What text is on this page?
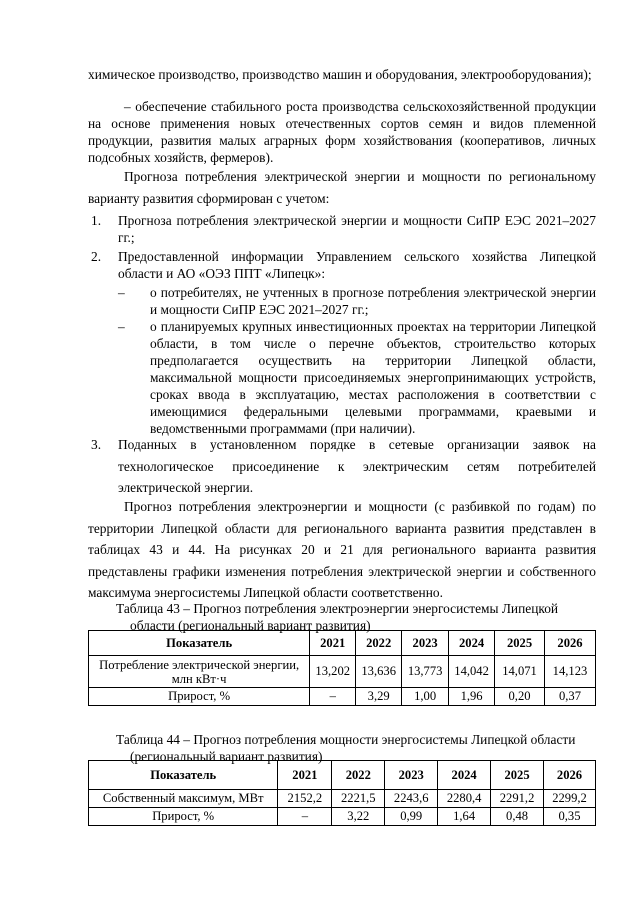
химическое производство, производство машин и оборудования, электрооборудования);

– обеспечение стабильного роста производства сельскохозяйственной продукции на основе применения новых отечественных сортов семян и видов племенной продукции, развития малых аграрных форм хозяйствования (кооперативов, личных подсобных хозяйств, фермеров).

Прогноза потребления электрической энергии и мощности по региональному варианту развития сформирован с учетом:

1. Прогноза потребления электрической энергии и мощности СиПР ЕЭС 2021–2027 гг.;
2. Предоставленной информации Управлением сельского хозяйства Липецкой области и АО «ОЭЗ ППТ «Липецк»:
– о потребителях, не учтенных в прогнозе потребления электрической энергии и мощности СиПР ЕЭС 2021–2027 гг.;
– о планируемых крупных инвестиционных проектах на территории Липецкой области, в том числе о перечне объектов, строительство которых предполагается осуществить на территории Липецкой области, максимальной мощности присоединяемых энергопринимающих устройств, сроках ввода в эксплуатацию, местах расположения в соответствии с имеющимися федеральными целевыми программами, краевыми и ведомственными программами (при наличии).
3. Поданных в установленном порядке в сетевые организации заявок на технологическое присоединение к электрическим сетям потребителей электрической энергии.

Прогноз потребления электроэнергии и мощности (с разбивкой по годам) по территории Липецкой области для регионального варианта развития представлен в таблицах 43 и 44. На рисунках 20 и 21 для регионального варианта развития представлены графики изменения потребления электрической энергии и собственного максимума энергосистемы Липецкой области соответственно.

Таблица 43 – Прогноз потребления электроэнергии энергосистемы Липецкой
области (региональный вариант развития)

Показатель	2021	2022	2023	2024	2025	2026
Потребление электрической энергии, млн кВт·ч	13,202	13,636	13,773	14,042	14,071	14,123
Прирост, %	–	3,29	1,00	1,96	0,20	0,37

Таблица 44 – Прогноз потребления мощности энергосистемы Липецкой области
(региональный вариант развития)

Показатель	2021	2022	2023	2024	2025	2026
Собственный максимум, МВт	2152,2	2221,5	2243,6	2280,4	2291,2	2299,2
Прирост, %	–	3,22	0,99	1,64	0,48	0,35
